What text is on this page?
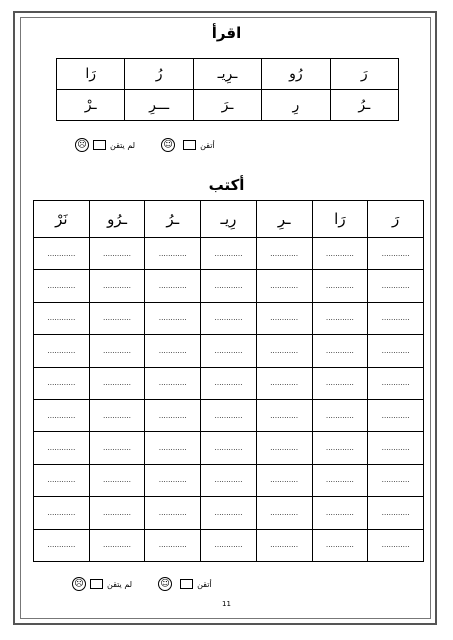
اقرأ
رَا	رُ	ـرِيـ	رُو	رَ
ـرْ	ـــرِ	ـرَ	رِ	ـرُ
أتقن
☺
لم يتقن
☹
أكتب
نَرْ	ـرُو	ـرُ	رِيـ	ـرِ	رَا	رَ
…………	…………	…………	…………	…………	…………	…………
…………	…………	…………	…………	…………	…………	…………
…………	…………	…………	…………	…………	…………	…………
…………	…………	…………	…………	…………	…………	…………
…………	…………	…………	…………	…………	…………	…………
…………	…………	…………	…………	…………	…………	…………
…………	…………	…………	…………	…………	…………	…………
…………	…………	…………	…………	…………	…………	…………
…………	…………	…………	…………	…………	…………	…………
…………	…………	…………	…………	…………	…………	…………
أتقن
☺
لم يتقن
☹
11
